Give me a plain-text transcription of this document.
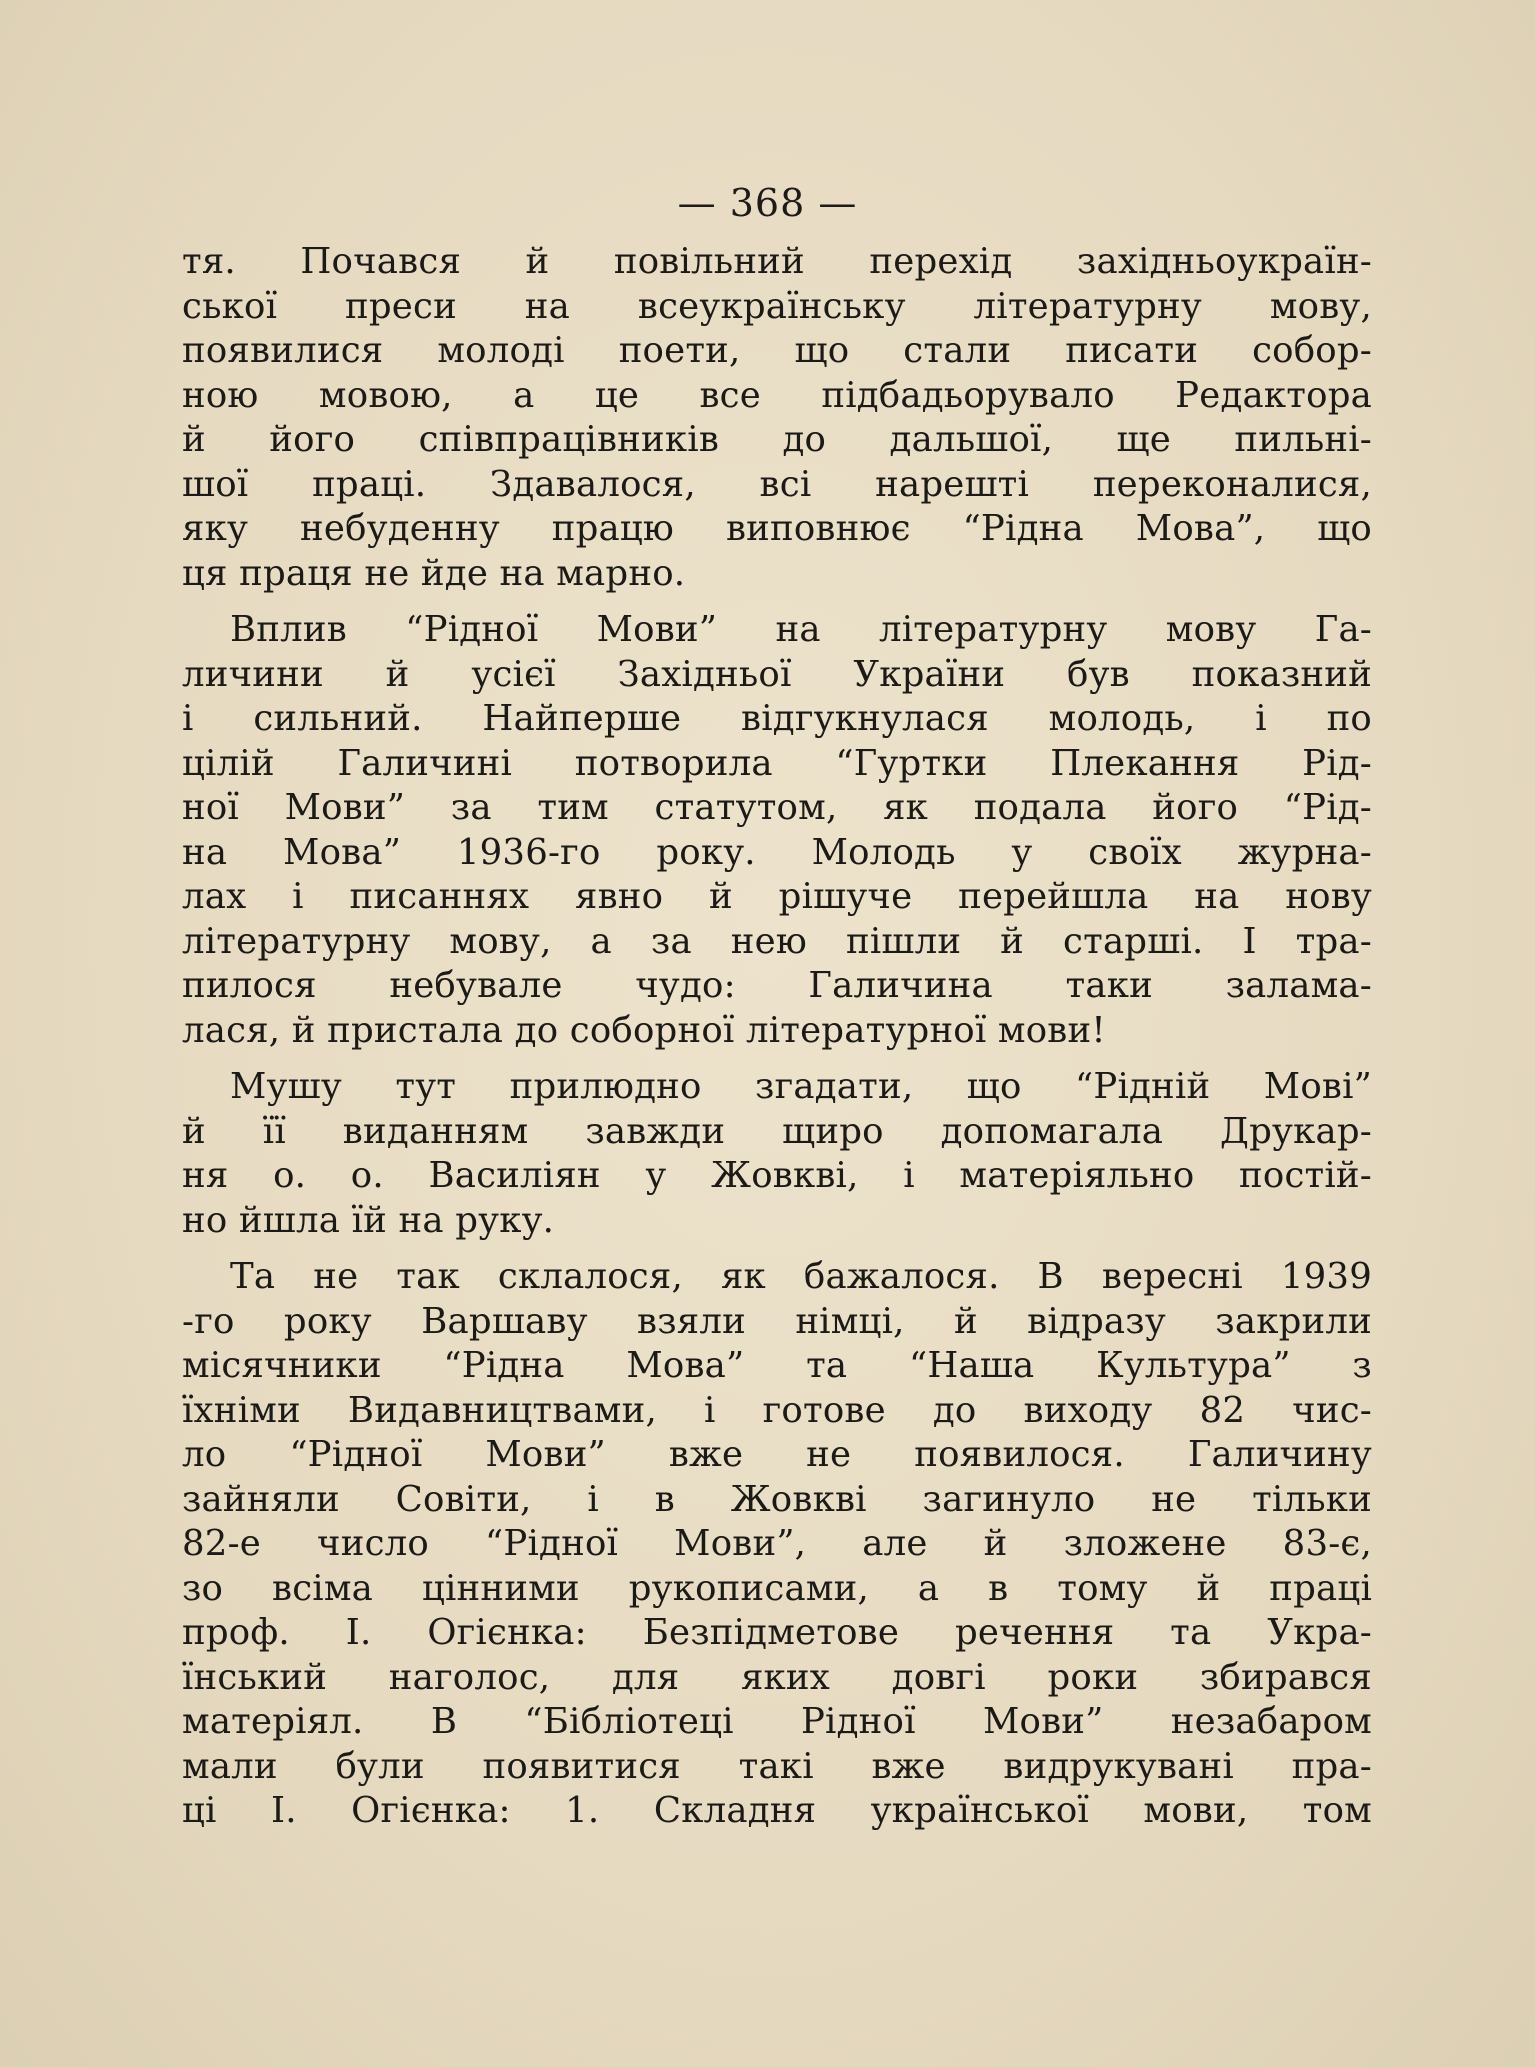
— 368 —
тя. Почався й повільний перехід західньоукраїн-
ської преси на всеукраїнську літературну мову,
появилися молоді поети, що стали писати собор-
ною мовою, а це все підбадьорувало Редактора
й його співпрацівників до дальшої, ще пильні-
шої праці. Здавалося, всі нарешті переконалися,
яку небуденну працю виповнює “Рідна Мова”, що
ця праця не йде на марно.
Вплив “Рідної Мови” на літературну мову Га-
личини й усієї Західньої України був показний
і сильний. Найперше відгукнулася молодь, і по
цілій Галичині потворила “Гуртки Плекання Рід-
ної Мови” за тим статутом, як подала його “Рід-
на Мова” 1936-го року. Молодь у своїх журна-
лах і писаннях явно й рішуче перейшла на нову
літературну мову, а за нею пішли й старші. І тра-
пилося небувале чудо: Галичина таки залама-
лася, й пристала до соборної літературної мови!
Мушу тут прилюдно згадати, що “Рідній Мові”
й її виданням завжди щиро допомагала Друкар-
ня о. о. Василіян у Жовкві, і матеріяльно постій-
но йшла їй на руку.
Та не так склалося, як бажалося. В вересні 1939
-го року Варшаву взяли німці, й відразу закрили
місячники “Рідна Мова” та “Наша Культура” з
їхніми Видавництвами, і готове до виходу 82 чис-
ло “Рідної Мови” вже не появилося. Галичину
зайняли Совіти, і в Жовкві загинуло не тільки
82-е число “Рідної Мови”, але й зложене 83-є,
зо всіма цінними рукописами, а в тому й праці
проф. І. Огієнка: Безпідметове речення та Укра-
їнський наголос, для яких довгі роки збирався
матеріял. В “Бібліотеці Рідної Мови” незабаром
мали були появитися такі вже видрукувані пра-
ці І. Огієнка: 1. Складня української мови, том
